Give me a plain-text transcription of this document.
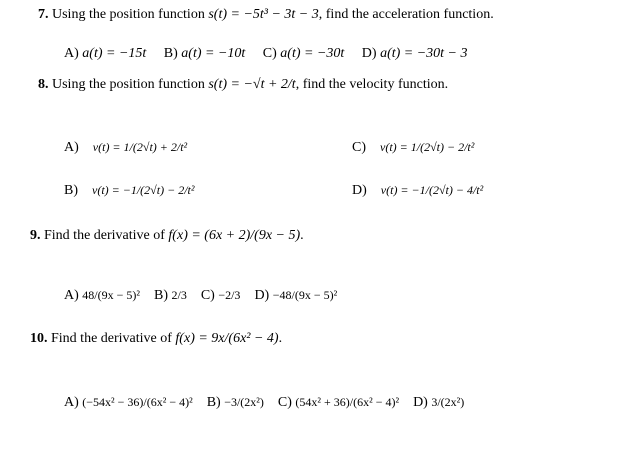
7. Using the position function s(t) = −5t³ − 3t − 3, find the acceleration function.
A) a(t) = −15t B) a(t) = −10t C) a(t) = −30t D) a(t) = −30t − 3
8. Using the position function s(t) = −√t + 2/t, find the velocity function.
A) v(t) = 1/(2√t) + 2/t²
B) v(t) = −1/(2√t) − 2/t²
C) v(t) = 1/(2√t) − 2/t²
D) v(t) = −1/(2√t) − 4/t²
9. Find the derivative of f(x) = (6x + 2)/(9x − 5).
A) 48/(9x − 5)² B) 2/3 C) −2/3 D) −48/(9x − 5)²
10. Find the derivative of f(x) = 9x/(6x² − 4).
A) (−54x² − 36)/(6x² − 4)² B) −3/(2x²) C) (54x² + 36)/(6x² − 4)² D) 3/(2x²)
